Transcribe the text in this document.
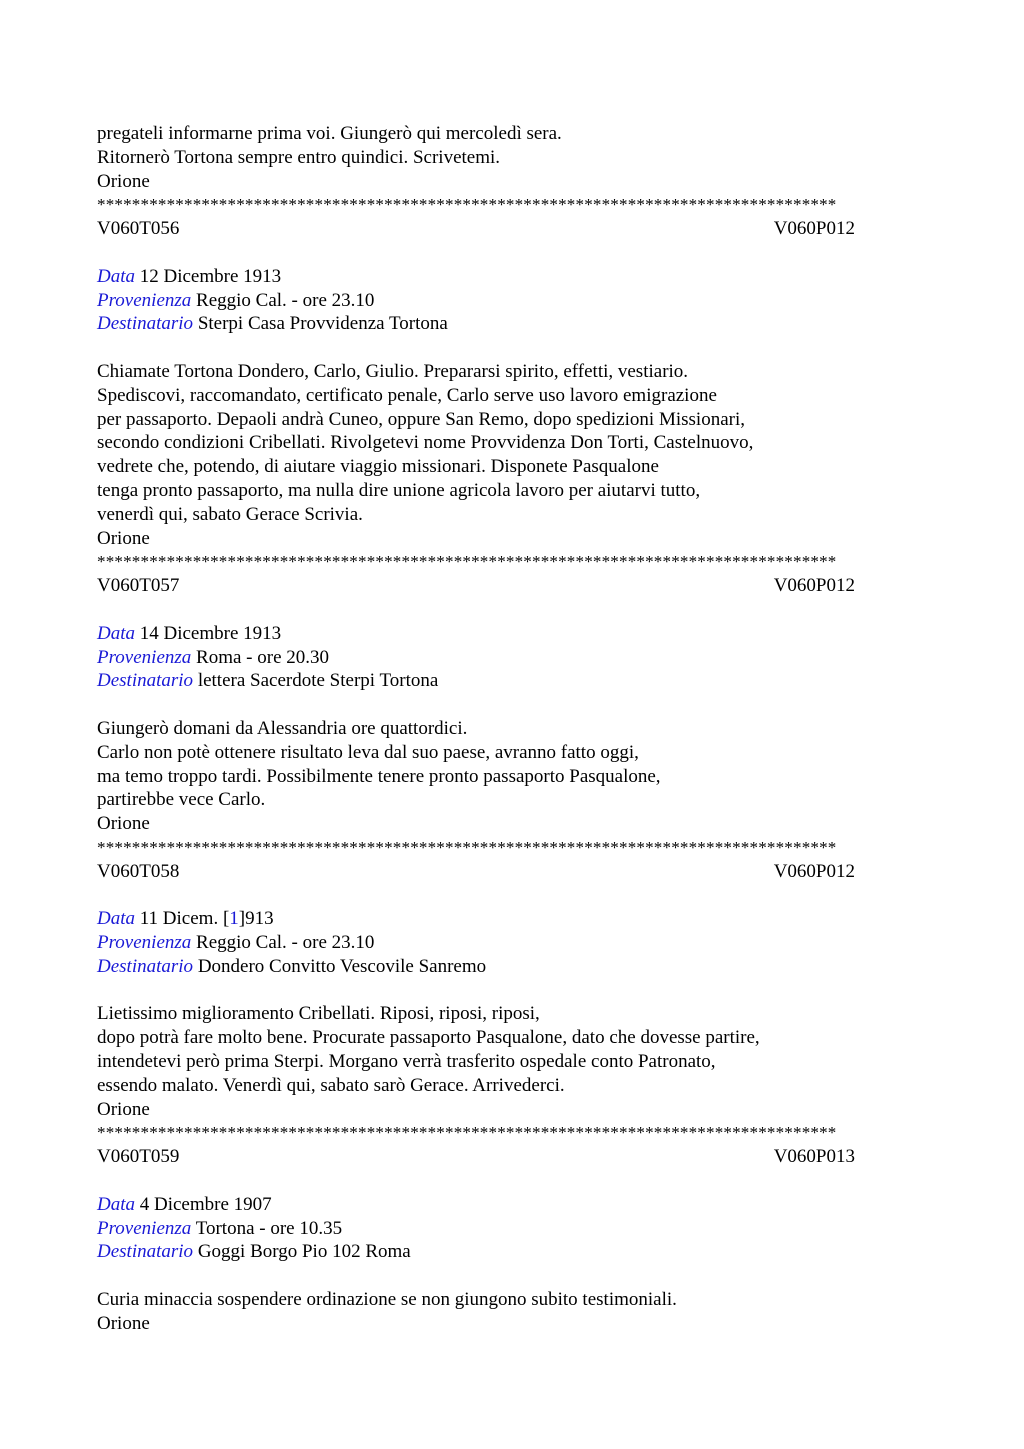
pregateli informarne prima voi. Giungerò qui mercoledì sera.
Ritornerò Tortona sempre entro quindici. Scrivetemi.
Orione
*************************************************************************************
V060T056	V060P012
Data 12 Dicembre 1913
Provenienza Reggio Cal. - ore 23.10
Destinatario Sterpi Casa Provvidenza Tortona
Chiamate Tortona Dondero, Carlo, Giulio. Prepararsi spirito, effetti, vestiario.
Spediscovi, raccomandato, certificato penale, Carlo serve uso lavoro emigrazione
per passaporto. Depaoli andrà Cuneo, oppure San Remo, dopo spedizioni Missionari,
secondo condizioni Cribellati. Rivolgetevi nome Provvidenza Don Torti, Castelnuovo,
vedrete che, potendo, di aiutare viaggio missionari. Disponete Pasqualone
tenga pronto passaporto, ma nulla dire unione agricola lavoro per aiutarvi tutto,
venerdì qui, sabato Gerace Scrivia.
Orione
*************************************************************************************
V060T057	V060P012
Data 14 Dicembre 1913
Provenienza Roma - ore 20.30
Destinatario lettera Sacerdote Sterpi Tortona
Giungerò domani da Alessandria ore quattordici.
Carlo non potè ottenere risultato leva dal suo paese, avranno fatto oggi,
ma temo troppo tardi. Possibilmente tenere pronto passaporto Pasqualone,
partirebbe vece Carlo.
Orione
*************************************************************************************
V060T058	V060P012
Data 11 Dicem. [1]913
Provenienza Reggio Cal. - ore 23.10
Destinatario Dondero Convitto Vescovile Sanremo
Lietissimo miglioramento Cribellati. Riposi, riposi, riposi,
dopo potrà fare molto bene. Procurate passaporto Pasqualone, dato che dovesse partire,
intendetevi però prima Sterpi. Morgano verrà trasferito ospedale conto Patronato,
essendo malato. Venerdì qui, sabato sarò Gerace. Arrivederci.
Orione
*************************************************************************************
V060T059	V060P013
Data 4 Dicembre 1907
Provenienza Tortona - ore 10.35
Destinatario Goggi Borgo Pio 102 Roma
Curia minaccia sospendere ordinazione se non giungono subito testimoniali.
Orione
